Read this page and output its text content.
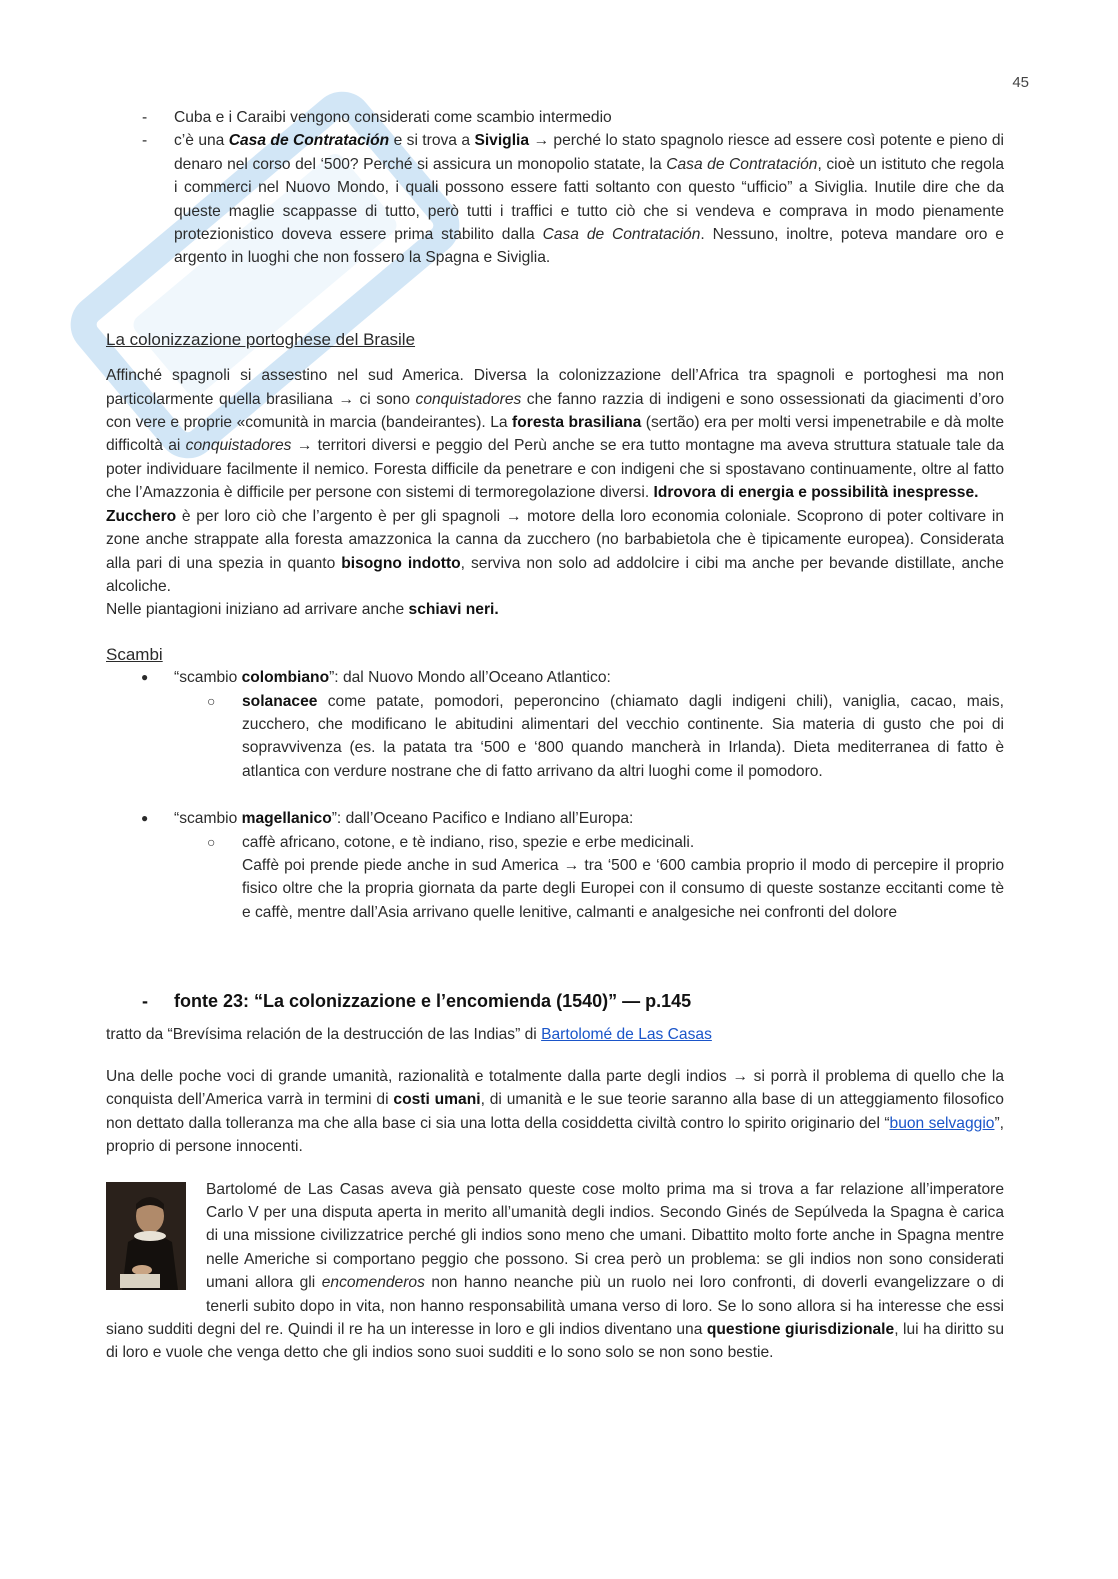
45
- Cuba e i Caraibi vengono considerati come scambio intermedio
- c’è una Casa de Contratación e si trova a Siviglia → perché lo stato spagnolo riesce ad essere così potente e pieno di denaro nel corso del ‘500? Perché si assicura un monopolio statate, la Casa de Contratación, cioè un istituto che regola i commerci nel Nuovo Mondo, i quali possono essere fatti soltanto con questo “ufficio” a Siviglia. Inutile dire che da queste maglie scappasse di tutto, però tutti i traffici e tutto ciò che si vendeva e comprava in modo pienamente protezionistico doveva essere prima stabilito dalla Casa de Contratación. Nessuno, inoltre, poteva mandare oro e argento in luoghi che non fossero la Spagna e Siviglia.
La colonizzazione portoghese del Brasile

Affinché spagnoli si assestino nel sud America. Diversa la colonizzazione dell’Africa tra spagnoli e portoghesi ma non particolarmente quella brasiliana → ci sono conquistadores che fanno razzia di indigeni e sono ossessionati da giacimenti d’oro con vere e proprie «comunità in marcia (bandeirantes). La foresta brasiliana (sertão) era per molti versi impenetrabile e dà molte difficoltà ai conquistadores → territori diversi e peggio del Perù anche se era tutto montagne ma aveva struttura statuale tale da poter individuare facilmente il nemico. Foresta difficile da penetrare e con indigeni che si spostavano continuamente, oltre al fatto che l’Amazzonia è difficile per persone con sistemi di termoregolazione diversi. Idrovora di energia e possibilità inespresse.

Zucchero è per loro ciò che l’argento è per gli spagnoli → motore della loro economia coloniale. Scoprono di poter coltivare in zone anche strappate alla foresta amazzonica la canna da zucchero (no barbabietola che è tipicamente europea). Considerata alla pari di una spezia in quanto bisogno indotto, serviva non solo ad addolcire i cibi ma anche per bevande distillate, anche alcoliche.

Nelle piantagioni iniziano ad arrivare anche schiavi neri.

Scambi
● “scambio colombiano”: dal Nuovo Mondo all’Oceano Atlantico:
○ solanacee come patate, pomodori, peperoncino (chiamato dagli indigeni chili), vaniglia, cacao, mais, zucchero, che modificano le abitudini alimentari del vecchio continente. Sia materia di gusto che poi di sopravvivenza (es. la patata tra ‘500 e ‘800 quando mancherà in Irlanda). Dieta mediterranea di fatto è atlantica con verdure nostrane che di fatto arrivano da altri luoghi come il pomodoro.
● “scambio magellanico”: dall’Oceano Pacifico e Indiano all’Europa:
○ caffè africano, cotone, e tè indiano, riso, spezie e erbe medicinali.
Caffè poi prende piede anche in sud America → tra ‘500 e ‘600 cambia proprio il modo di percepire il proprio fisico oltre che la propria giornata da parte degli Europei con il consumo di queste sostanze eccitanti come tè e caffè, mentre dall’Asia arrivano quelle lenitive, calmanti e analgesiche nei confronti del dolore
- fonte 23: “La colonizzazione e l’encomienda (1540)” — p.145

tratto da “Brevísima relación de la destrucción de las Indias” di Bartolomé de Las Casas

Una delle poche voci di grande umanità, razionalità e totalmente dalla parte degli indios → si porrà il problema di quello che la conquista dell’America varrà in termini di costi umani, di umanità e le sue teorie saranno alla base di un atteggiamento filosofico non dettato dalla tolleranza ma che alla base ci sia una lotta della cosiddetta civiltà contro lo spirito originario del “buon selvaggio”, proprio di persone innocenti.

Bartolomé de Las Casas aveva già pensato queste cose molto prima ma si trova a far relazione all’imperatore Carlo V per una disputa aperta in merito all’umanità degli indios. Secondo Ginés de Sepúlveda la Spagna è carica di una missione civilizzatrice perché gli indios sono meno che umani. Dibattito molto forte anche in Spagna mentre nelle Americhe si comportano peggio che possono. Si crea però un problema: se gli indios non sono considerati umani allora gli encomenderos non hanno neanche più un ruolo nei loro confronti, di doverli evangelizzare o di tenerli subito dopo in vita, non hanno responsabilità umana verso di loro. Se lo sono allora si ha interesse che essi siano sudditi degni del re. Quindi il re ha un interesse in loro e gli indios diventano una questione giurisdizionale, lui ha diritto su di loro e vuole che venga detto che gli indios sono suoi sudditi e lo sono solo se non sono bestie.
